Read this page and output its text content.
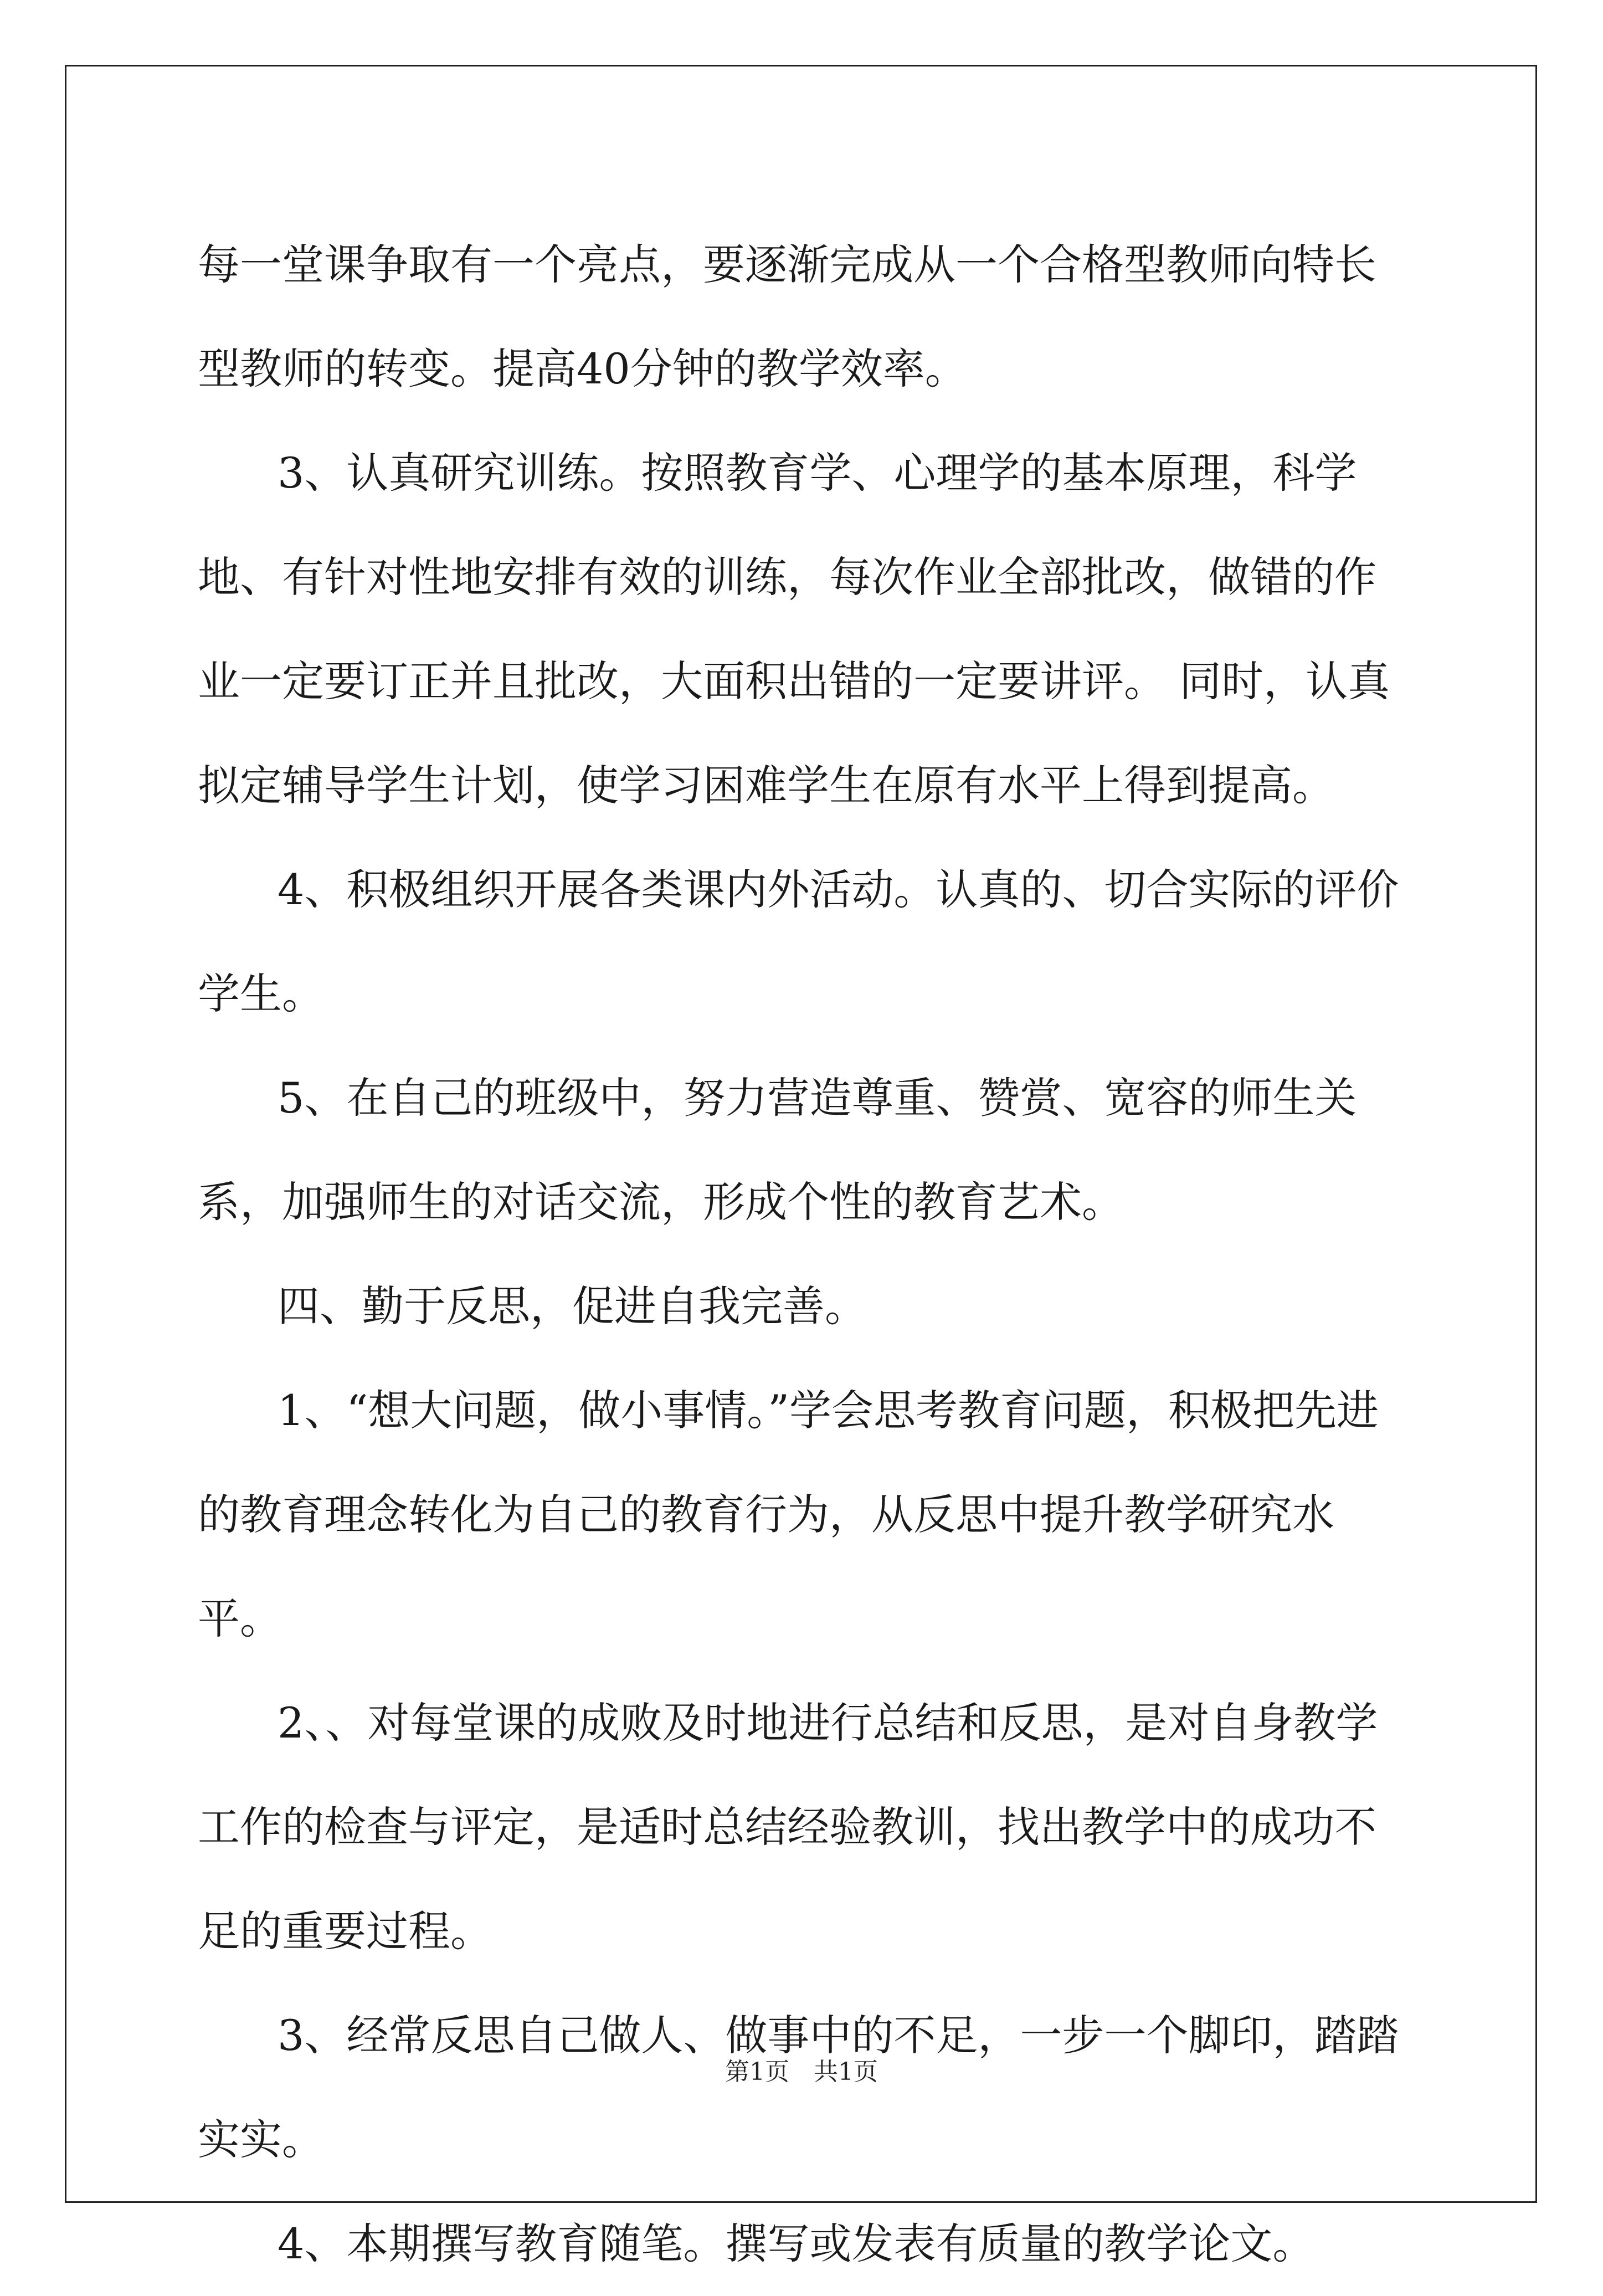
每一堂课争取有一个亮点，要逐渐完成从一个合格型教师向特长型教师的转变。提高40分钟的教学效率。

3、认真研究训练。按照教育学、心理学的基本原理，科学地、有针对性地安排有效的训练，每次作业全部批改，做错的作业一定要订正并且批改，大面积出错的一定要讲评。 同时，认真拟定辅导学生计划，使学习困难学生在原有水平上得到提高。

4、积极组织开展各类课内外活动。认真的、切合实际的评价学生。

5、在自己的班级中，努力营造尊重、赞赏、宽容的师生关系，加强师生的对话交流，形成个性的教育艺术。

四、勤于反思，促进自我完善。

1、“想大问题，做小事情。”学会思考教育问题，积极把先进的教育理念转化为自己的教育行为，从反思中提升教学研究水平。

2、、对每堂课的成败及时地进行总结和反思，是对自身教学工作的检查与评定，是适时总结经验教训，找出教学中的成功不足的重要过程。

3、经常反思自己做人、做事中的不足，一步一个脚印，踏踏实实。

4、本期撰写教育随笔。撰写或发表有质量的教学论文。

第1页　共1页
